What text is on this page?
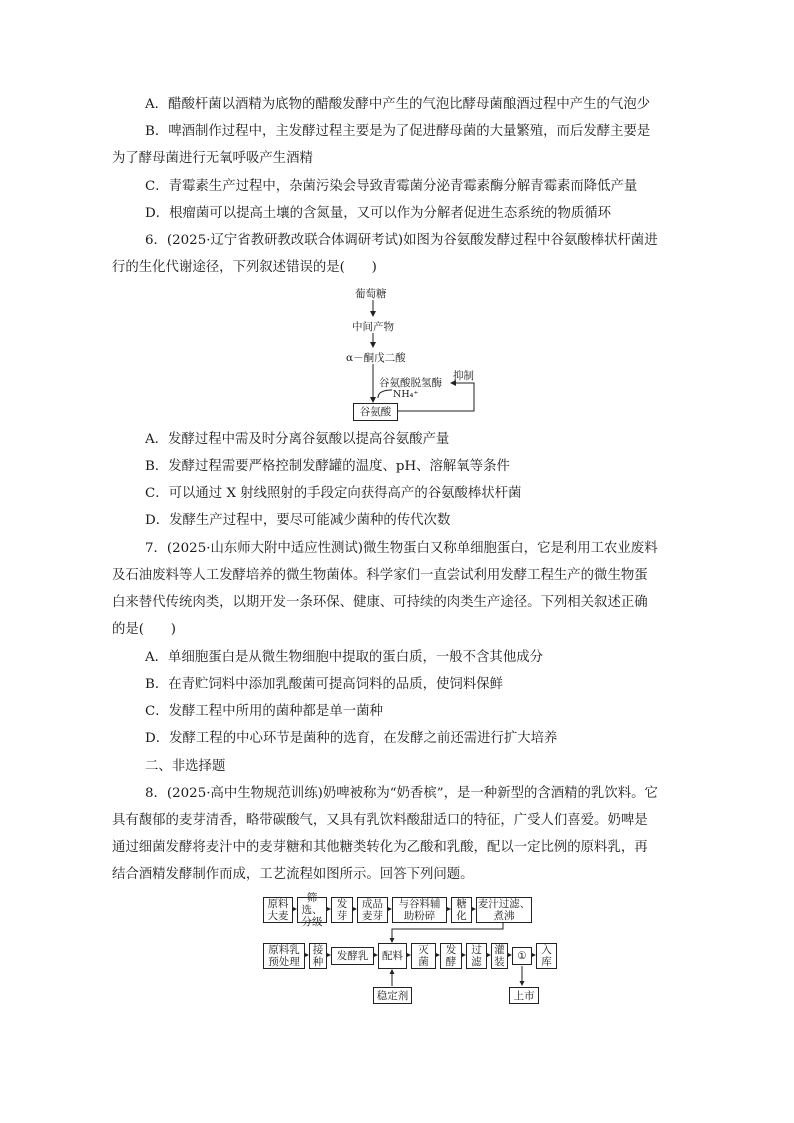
A．醋酸杆菌以酒精为底物的醋酸发酵中产生的气泡比酵母菌酿酒过程中产生的气泡少
B．啤酒制作过程中，主发酵过程主要是为了促进酵母菌的大量繁殖，而后发酵主要是
为了酵母菌进行无氧呼吸产生酒精
C．青霉素生产过程中，杂菌污染会导致青霉菌分泌青霉素酶分解青霉素而降低产量
D．根瘤菌可以提高土壤的含氮量，又可以作为分解者促进生态系统的物质循环
6．(2025·辽宁省教研教改联合体调研考试)如图为谷氨酸发酵过程中谷氨酸棒状杆菌进
行的生化代谢途径，下列叙述错误的是(　　)
葡萄糖
中间产物
α－酮戊二酸
谷氨酸脱氢酶
NH₄⁺
抑制
谷氨酸
A．发酵过程中需及时分离谷氨酸以提高谷氨酸产量
B．发酵过程需要严格控制发酵罐的温度、pH、溶解氧等条件
C．可以通过 X 射线照射的手段定向获得高产的谷氨酸棒状杆菌
D．发酵生产过程中，要尽可能减少菌种的传代次数
7．(2025·山东师大附中适应性测试)微生物蛋白又称单细胞蛋白，它是利用工农业废料
及石油废料等人工发酵培养的微生物菌体。科学家们一直尝试利用发酵工程生产的微生物蛋
白来替代传统肉类，以期开发一条环保、健康、可持续的肉类生产途径。下列相关叙述正确
的是(　　)
A．单细胞蛋白是从微生物细胞中提取的蛋白质，一般不含其他成分
B．在青贮饲料中添加乳酸菌可提高饲料的品质，使饲料保鲜
C．发酵工程中所用的菌种都是单一菌种
D．发酵工程的中心环节是菌种的选育，在发酵之前还需进行扩大培养
二、非选择题
8．(2025·高中生物规范训练)奶啤被称为“奶香槟”，是一种新型的含酒精的乳饮料。它
具有馥郁的麦芽清香，略带碳酸气，又具有乳饮料酸甜适口的特征，广受人们喜爱。奶啤是
通过细菌发酵将麦汁中的麦芽糖和其他糖类转化为乙酸和乳酸，配以一定比例的原料乳，再
结合酒精发酵制作而成，工艺流程如图所示。回答下列问题。
原料
大麦
筛选、
分级
发
芽
成品
麦芽
与谷料辅
助粉碎
糖
化
麦汁过滤、
煮沸
原料乳
预处理
接
种	发酵乳	配料	灭
菌
发
酵
过
滤
灌
装	①	入
库
稳定剂	上市
